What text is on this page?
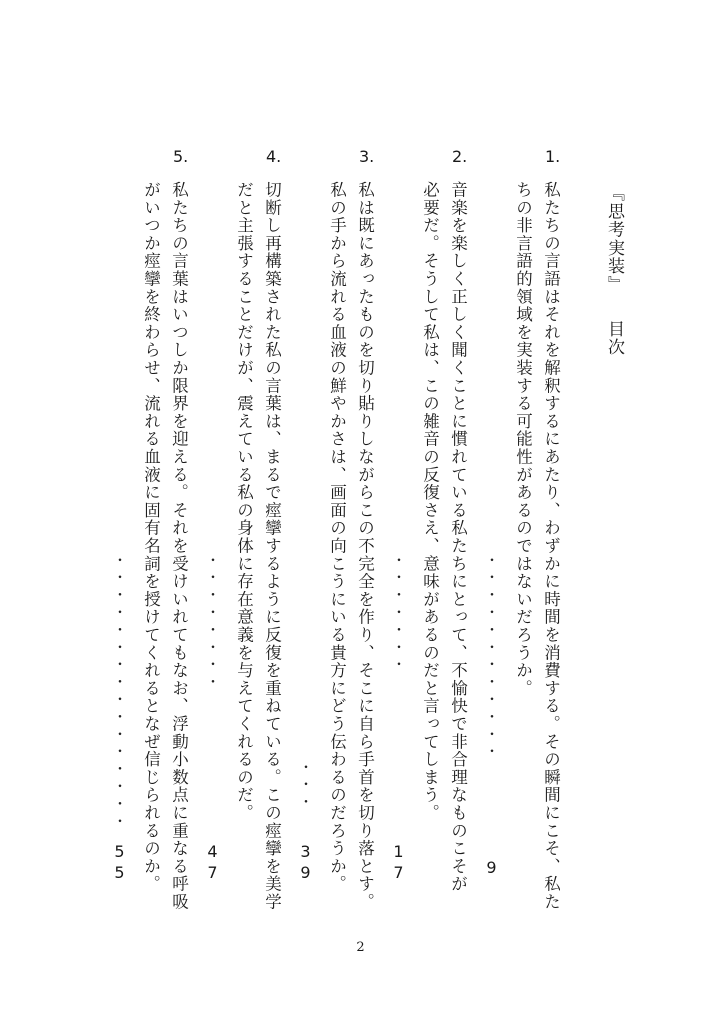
『思考実装』目次
1.
私たちの言語はそれを解釈するにあたり、わずかに時間を消費する。その瞬間にこそ、私た
ちの非言語的領域を実装する可能性があるのではないだろうか。
・・・・・・・・・・・・
9
2.
音楽を楽しく正しく聞くことに慣れている私たちにとって、不愉快で非合理なものこそが
必要だ。そうして私は、この雑音の反復さえ、意味があるのだと言ってしまう。
・・・・・・・
17
3.
私は既にあったものを切り貼りしながらこの不完全を作り、そこに自ら手首を切り落とす。
私の手から流れる血液の鮮やかさは、画面の向こうにいる貴方にどう伝わるのだろうか。
・・・
39
4.
切断し再構築された私の言葉は、まるで痙攣するように反復を重ねている。この痙攣を美学
だと主張することだけが、震えている私の身体に存在意義を与えてくれるのだ。
・・・・・・・・
47
5.
私たちの言葉はいつしか限界を迎える。それを受けいれてもなお、浮動小数点に重なる呼吸
がいつか痙攣を終わらせ、流れる血液に固有名詞を授けてくれるとなぜ信じられるのか。
・・・・・・・・・・・・・・・・
55
2
